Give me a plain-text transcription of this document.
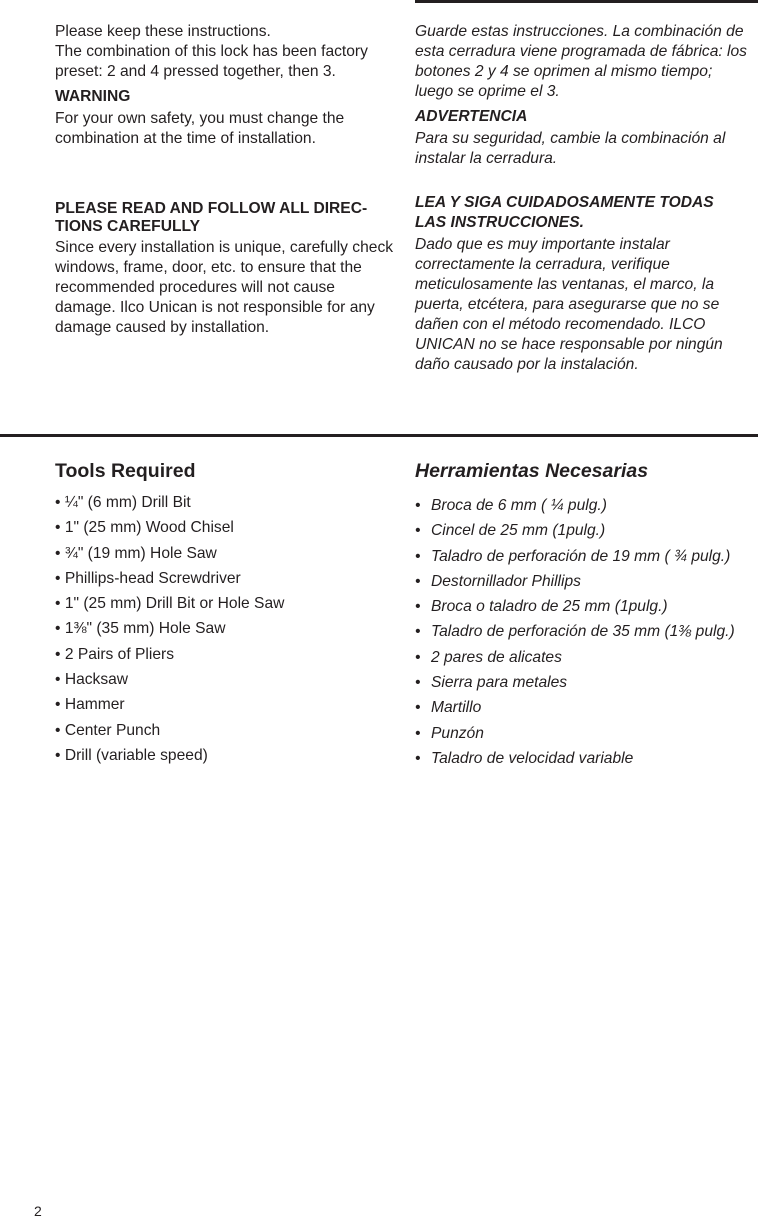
Please keep these instructions.

The combination of this lock has been factory preset: 2 and 4 pressed together, then 3.

WARNING

For your own safety, you must change the combination at the time of installation.

Guarde estas instrucciones. La combinación de esta cerradura viene programada de fábrica: los botones 2 y 4 se oprimen al mismo tiempo; luego se oprime el 3.

ADVERTENCIA

Para su seguridad, cambie la combinación al instalar la cerradura.

PLEASE READ AND FOLLOW ALL DIREC-TIONS CAREFULLY

Since every installation is unique, carefully check windows, frame, door, etc. to ensure that the recommended procedures will not cause damage. Ilco Unican is not responsible for any damage caused by installation.

LEA Y SIGA CUIDADOSAMENTE TODAS LAS INSTRUCCIONES.

Dado que es muy importante instalar correctamente la cerradura, verifique meticulosamente las ventanas, el marco, la puerta, etcétera, para asegurarse que no se dañen con el método recomendado. ILCO UNICAN no se hace responsable por ningún daño causado por la instalación.

Tools Required	Herramientas Necesarias
• ¼" (6 mm) Drill Bit
• 1" (25 mm) Wood Chisel
• ¾" (19 mm) Hole Saw
• Phillips-head Screwdriver
• 1" (25 mm) Drill Bit or Hole Saw
• 1⅜" (35 mm) Hole Saw
• 2 Pairs of Pliers
• Hacksaw
• Hammer
• Center Punch
• Drill (variable speed)
• Broca de 6 mm ( ¼ pulg.)
• Cincel de 25 mm (1pulg.)
• Taladro de perforación de 19 mm ( ¾ pulg.)
• Destornillador Phillips
• Broca o taladro de 25 mm (1pulg.)
• Taladro de perforación de 35 mm (1⅜ pulg.)
• 2 pares de alicates
• Sierra para metales
• Martillo
• Punzón
• Taladro de velocidad variable
2
